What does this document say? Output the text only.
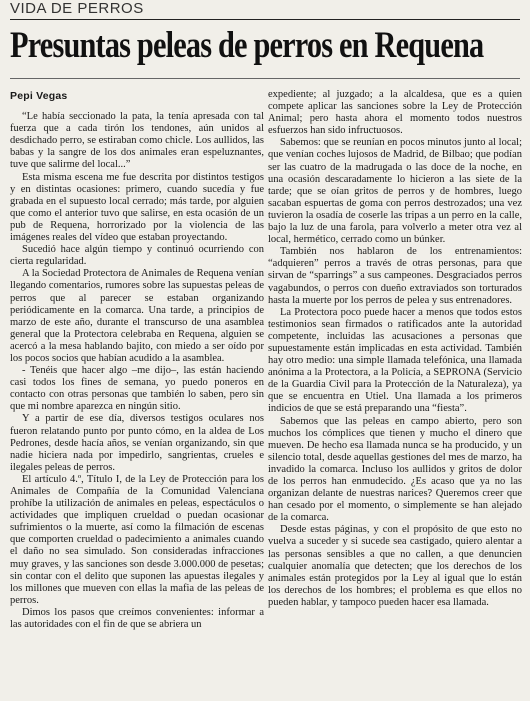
VIDA DE PERROS
Presuntas peleas de perros en Requena
Pepi Vegas

“Le había seccionado la pata, la tenía apresada con tal fuerza que a cada tirón los tendones, aún unidos al desdichado perro, se estiraban como chicle. Los aullidos, las babas y la sangre de los dos animales eran espeluznantes, tuve que salirme del local...”

Esta misma escena me fue descrita por distintos testigos y en distintas ocasiones: primero, cuando sucedía y fue grabada en el supuesto local cerrado; más tarde, por alguien que como el anterior tuvo que salirse, en esta ocasión de un pub de Requena, horrorizado por la violencia de las imágenes reales del vídeo que estaban proyectando.

Sucedió hace algún tiempo y continuó ocurriendo con cierta regularidad.

A la Sociedad Protectora de Animales de Requena venían llegando comentarios, rumores sobre las supuestas peleas de perros que al parecer se estaban organizando periódicamente en la comarca. Una tarde, a principios de marzo de este año, durante el transcurso de una asamblea general que la Protectora celebraba en Requena, alguien se acercó a la mesa hablando bajito, con miedo a ser oído por los pocos socios que habían acudido a la asamblea.

- Tenéis que hacer algo –me dijo–, las están haciendo casi todos los fines de semana, yo puedo poneros en contacto con otras personas que también lo saben, pero sin que mi nombre aparezca en ningún sitio.

Y a partir de ese día, diversos testigos oculares nos fueron relatando punto por punto cómo, en la aldea de Los Pedrones, desde hacía años, se venían organizando, sin que nadie hiciera nada por impedirlo, sangrientas, crueles e ilegales peleas de perros.

El artículo 4.º, Título I, de la Ley de Protección para los Animales de Compañía de la Comunidad Valenciana prohíbe la utilización de animales en peleas, espectáculos o actividades que impliquen crueldad o puedan ocasionar sufrimientos o la muerte, así como la filmación de escenas que comporten crueldad o padecimiento a animales cuando el daño no sea simulado. Son consideradas infracciones muy graves, y las sanciones son desde 3.000.000 de pesetas; sin contar con el delito que suponen las apuestas ilegales y los millones que mueven con ellas la mafia de las peleas de perros.

Dimos los pasos que creímos convenientes: informar a las autoridades con el fin de que se abriera un

expediente; al juzgado; a la alcaldesa, que es a quien compete aplicar las sanciones sobre la Ley de Protección Animal; pero hasta ahora el momento todos nuestros esfuerzos han sido infructuosos.

Sabemos: que se reunían en pocos minutos junto al local; que venían coches lujosos de Madrid, de Bilbao; que podían ser las cuatro de la madrugada o las doce de la noche, en una ocasión descaradamente lo hicieron a las siete de la tarde; que se oían gritos de perros y de hombres, luego sacaban espuertas de goma con perros destrozados; una vez tuvieron la osadía de coserle las tripas a un perro en la calle, bajo la luz de una farola, para volverlo a meter otra vez al local, hermético, cerrado como un búnker.

También nos hablaron de los entrenamientos: “adquieren” perros a través de otras personas, para que sirvan de “sparrings” a sus campeones. Desgraciados perros vagabundos, o perros con dueño extraviados son torturados hasta la muerte por los perros de pelea y sus entrenadores.

La Protectora poco puede hacer a menos que todos estos testimonios sean firmados o ratificados ante la autoridad competente, incluidas las acusaciones a personas que supuestamente están implicadas en esta actividad. También hay otro medio: una simple llamada telefónica, una llamada anónima a la Protectora, a la Policía, a SEPRONA (Servicio de la Guardia Civil para la Protección de la Naturaleza), ya que se encuentra en Utiel. Una llamada a los primeros indicios de que se está preparando una “fiesta”.

Sabemos que las peleas en campo abierto, pero son muchos los cómplices que tienen y mucho el dinero que mueven. De hecho esa llamada nunca se ha producido, y un silencio total, desde aquellas gestiones del mes de marzo, ha invadido la comarca. Incluso los aullidos y gritos de dolor de los perros han enmudecido. ¿Es acaso que ya no las organizan delante de nuestras narices? Queremos creer que han cesado por el momento, o simplemente se han alejado de la comarca.

Desde estas páginas, y con el propósito de que esto no vuelva a suceder y si sucede sea castigado, quiero alentar a las personas sensibles a que no callen, a que denuncien cualquier anomalía que detecten; que los derechos de los animales están protegidos por la Ley al igual que lo están los derechos de los hombres; el problema es que ellos no pueden hablar, y tampoco pueden hacer esa llamada.
